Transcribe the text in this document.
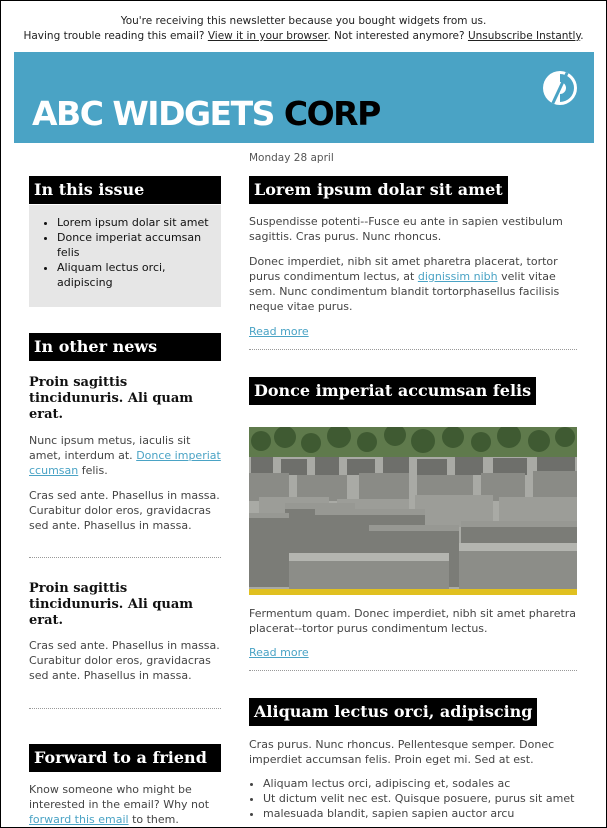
You're receiving this newsletter because you bought widgets from us.
Having trouble reading this email? View it in your browser. Not interested anymore? Unsubscribe Instantly.
ABC WIDGETS CORP
Monday 28 april
In this issue
• Lorem ipsum dolar sit amet
• Donce imperiat accumsan felis
• Aliquam lectus orci, adipiscing
In other news

Proin sagittis tincidunuris. Ali quam erat.

Nunc ipsum metus, iaculis sit amet, interdum at. Donce imperiat ccumsan felis.

Cras sed ante. Phasellus in massa. Curabitur dolor eros, gravidacras sed ante. Phasellus in massa.

Proin sagittis tincidunuris. Ali quam erat.

Cras sed ante. Phasellus in massa. Curabitur dolor eros, gravidacras sed ante. Phasellus in massa.

Forward to a friend

Know someone who might be interested in the email? Why not forward this email to them.

Lorem ipsum dolar sit amet

Suspendisse potenti--Fusce eu ante in sapien vestibulum sagittis. Cras purus. Nunc rhoncus.

Donec imperdiet, nibh sit amet pharetra placerat, tortor purus condimentum lectus, at dignissim nibh velit vitae sem. Nunc condimentum blandit tortorphasellus facilisis neque vitae purus.

Read more
Donce imperiat accumsan felis

Fermentum quam. Donec imperdiet, nibh sit amet pharetra placerat--tortor purus condimentum lectus.

Read more
Aliquam lectus orci, adipiscing

Cras purus. Nunc rhoncus. Pellentesque semper. Donec imperdiet accumsan felis. Proin eget mi. Sed at est.

• Aliquam lectus orci, adipiscing et, sodales ac
• Ut dictum velit nec est. Quisque posuere, purus sit amet
• malesuada blandit, sapien sapien auctor arcu
